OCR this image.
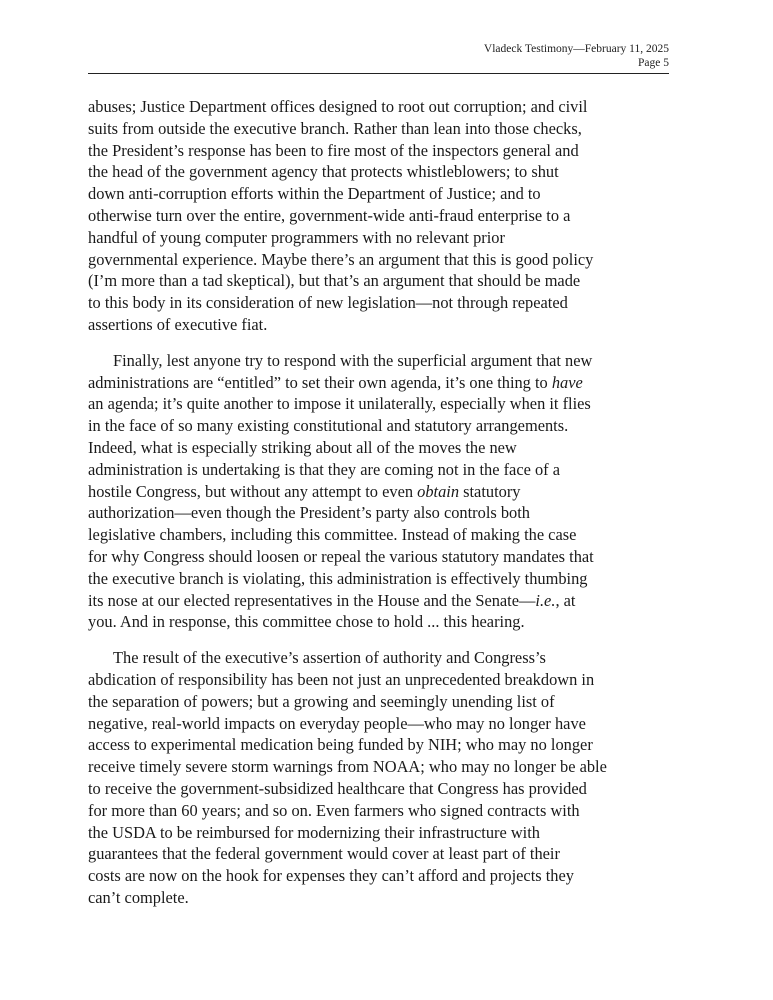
Vladeck Testimony—February 11, 2025
Page 5

abuses; Justice Department offices designed to root out corruption; and civil
suits from outside the executive branch. Rather than lean into those checks,
the President’s response has been to fire most of the inspectors general and
the head of the government agency that protects whistleblowers; to shut
down anti-corruption efforts within the Department of Justice; and to
otherwise turn over the entire, government-wide anti-fraud enterprise to a
handful of young computer programmers with no relevant prior
governmental experience. Maybe there’s an argument that this is good policy
(I’m more than a tad skeptical), but that’s an argument that should be made
to this body in its consideration of new legislation—not through repeated
assertions of executive fiat.

Finally, lest anyone try to respond with the superficial argument that new
administrations are “entitled” to set their own agenda, it’s one thing to have
an agenda; it’s quite another to impose it unilaterally, especially when it flies
in the face of so many existing constitutional and statutory arrangements.
Indeed, what is especially striking about all of the moves the new
administration is undertaking is that they are coming not in the face of a
hostile Congress, but without any attempt to even obtain statutory
authorization—even though the President’s party also controls both
legislative chambers, including this committee. Instead of making the case
for why Congress should loosen or repeal the various statutory mandates that
the executive branch is violating, this administration is effectively thumbing
its nose at our elected representatives in the House and the Senate—i.e., at
you. And in response, this committee chose to hold ... this hearing.

The result of the executive’s assertion of authority and Congress’s
abdication of responsibility has been not just an unprecedented breakdown in
the separation of powers; but a growing and seemingly unending list of
negative, real-world impacts on everyday people—who may no longer have
access to experimental medication being funded by NIH; who may no longer
receive timely severe storm warnings from NOAA; who may no longer be able
to receive the government-subsidized healthcare that Congress has provided
for more than 60 years; and so on. Even farmers who signed contracts with
the USDA to be reimbursed for modernizing their infrastructure with
guarantees that the federal government would cover at least part of their
costs are now on the hook for expenses they can’t afford and projects they
can’t complete.
